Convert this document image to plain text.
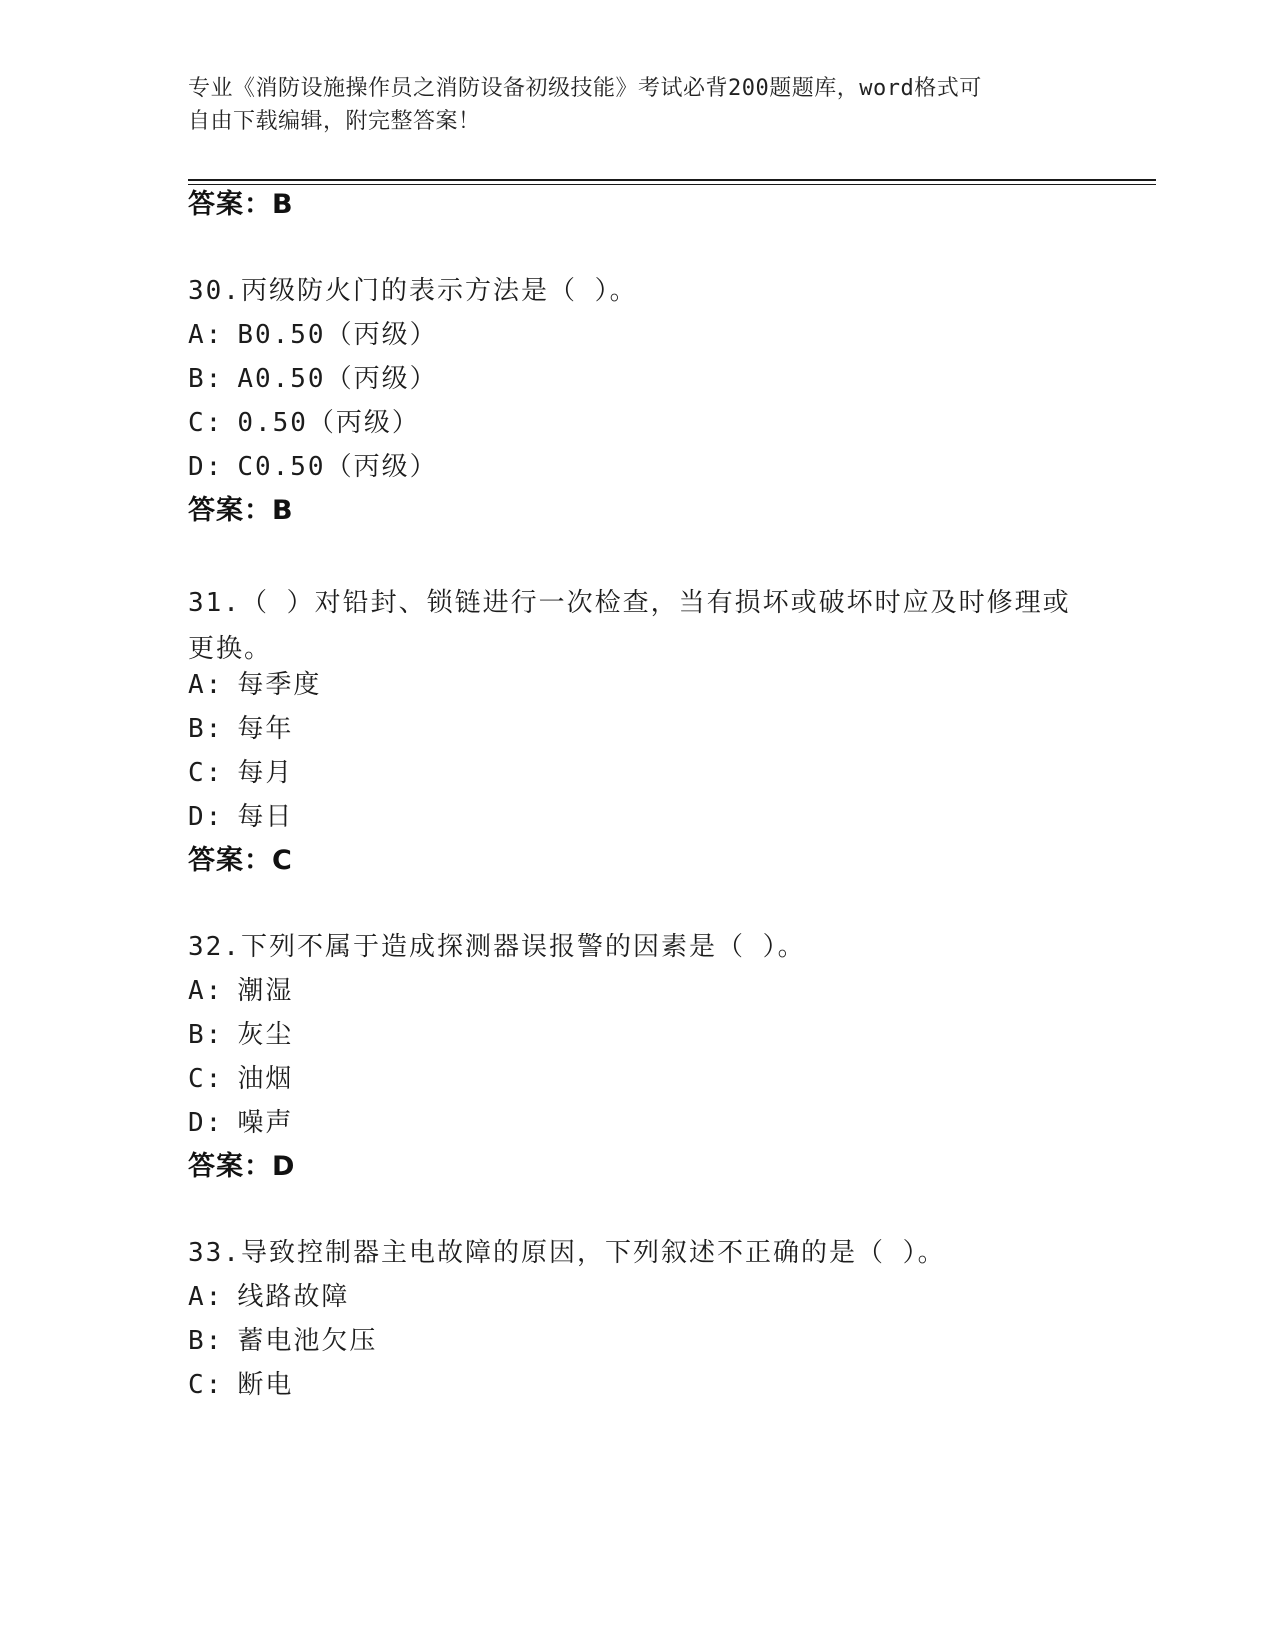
专业《消防设施操作员之消防设备初级技能》考试必背200题题库，word格式可
自由下载编辑，附完整答案！
答案：B
30.丙级防火门的表示方法是（ ）。
A: B0.50（丙级）
B: A0.50（丙级）
C: 0.50（丙级）
D: C0.50（丙级）
答案：B
31.（ ）对铅封、锁链进行一次检查，当有损坏或破坏时应及时修理或更换。
A: 每季度
B: 每年
C: 每月
D: 每日
答案：C
32.下列不属于造成探测器误报警的因素是（ ）。
A: 潮湿
B: 灰尘
C: 油烟
D: 噪声
答案：D
33.导致控制器主电故障的原因，下列叙述不正确的是（ ）。
A: 线路故障
B: 蓄电池欠压
C: 断电
